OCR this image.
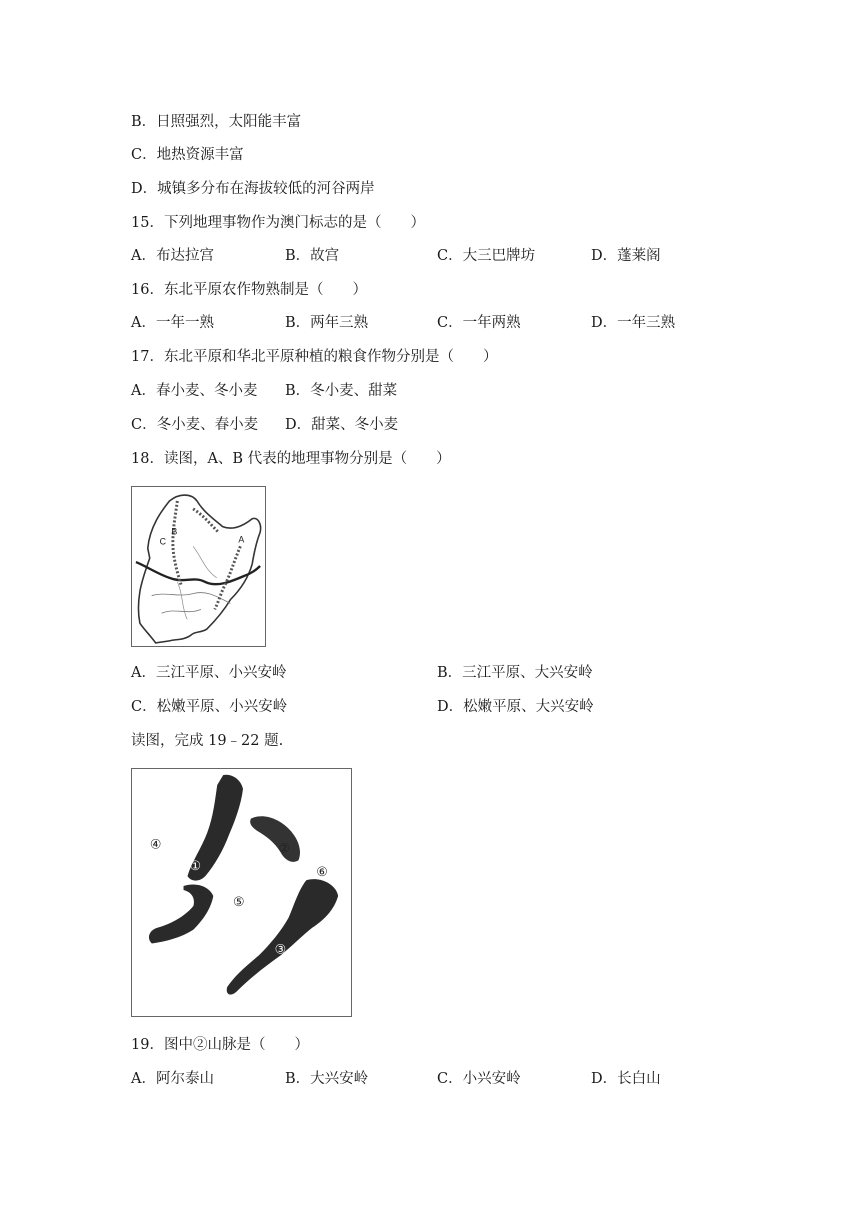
B．日照强烈，太阳能丰富
C．地热资源丰富
D．城镇多分布在海拔较低的河谷两岸
15．下列地理事物作为澳门标志的是（　　）
A．布达拉宫	B．故宫	C．大三巴牌坊	D．蓬莱阁
16．东北平原农作物熟制是（　　）
A．一年一熟	B．两年三熟	C．一年两熟	D．一年三熟
17．东北平原和华北平原种植的粮食作物分别是（　　）
A．春小麦、冬小麦 B．冬小麦、甜菜
C．冬小麦、春小麦 D．甜菜、冬小麦
18．读图，A、B 代表的地理事物分别是（　　）
C
B
A
A．三江平原、小兴安岭	B．三江平原、大兴安岭
C．松嫩平原、小兴安岭	D．松嫩平原、大兴安岭
读图，完成 19﹣22 题.
④
①
②
⑥
⑤
③
19．图中②山脉是（　　）
A．阿尔泰山	B．大兴安岭	C．小兴安岭	D．长白山
